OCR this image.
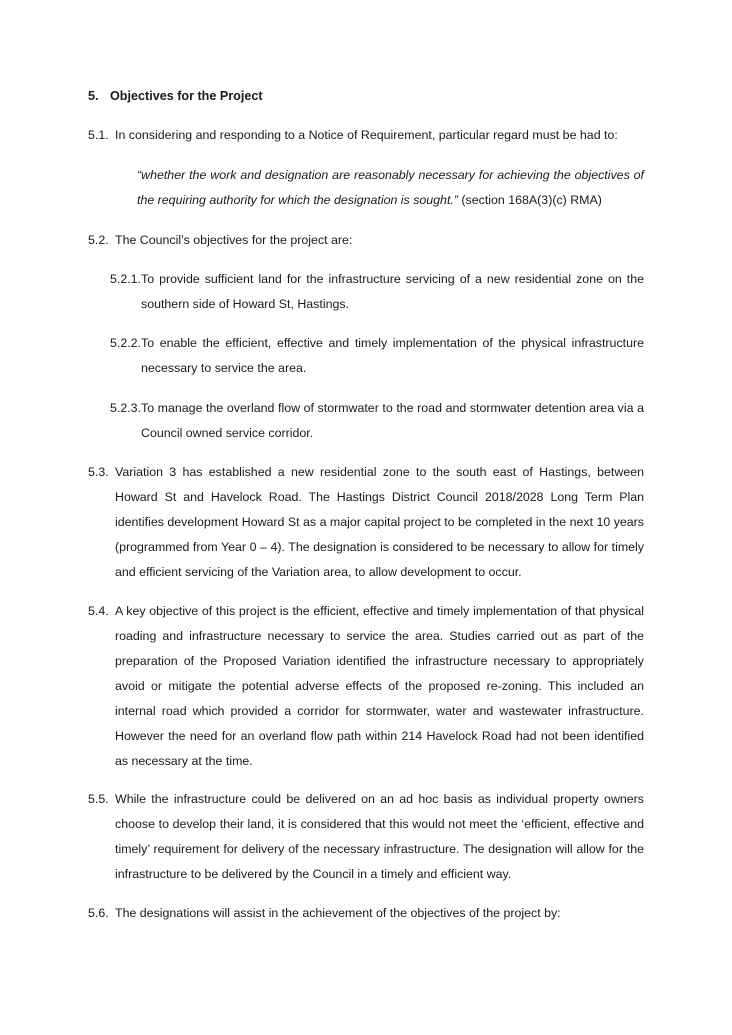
5. Objectives for the Project
5.1. In considering and responding to a Notice of Requirement, particular regard must be had to:
“whether the work and designation are reasonably necessary for achieving the objectives of the requiring authority for which the designation is sought.” (section 168A(3)(c) RMA)
5.2. The Council’s objectives for the project are:
5.2.1. To provide sufficient land for the infrastructure servicing of a new residential zone on the southern side of Howard St, Hastings.
5.2.2. To enable the efficient, effective and timely implementation of the physical infrastructure necessary to service the area.
5.2.3. To manage the overland flow of stormwater to the road and stormwater detention area via a Council owned service corridor.
5.3. Variation 3 has established a new residential zone to the south east of Hastings, between Howard St and Havelock Road. The Hastings District Council 2018/2028 Long Term Plan identifies development Howard St as a major capital project to be completed in the next 10 years (programmed from Year 0 – 4). The designation is considered to be necessary to allow for timely and efficient servicing of the Variation area, to allow development to occur.
5.4. A key objective of this project is the efficient, effective and timely implementation of that physical roading and infrastructure necessary to service the area. Studies carried out as part of the preparation of the Proposed Variation identified the infrastructure necessary to appropriately avoid or mitigate the potential adverse effects of the proposed re-zoning. This included an internal road which provided a corridor for stormwater, water and wastewater infrastructure. However the need for an overland flow path within 214 Havelock Road had not been identified as necessary at the time.
5.5. While the infrastructure could be delivered on an ad hoc basis as individual property owners choose to develop their land, it is considered that this would not meet the ‘efficient, effective and timely’ requirement for delivery of the necessary infrastructure. The designation will allow for the infrastructure to be delivered by the Council in a timely and efficient way.
5.6. The designations will assist in the achievement of the objectives of the project by:
